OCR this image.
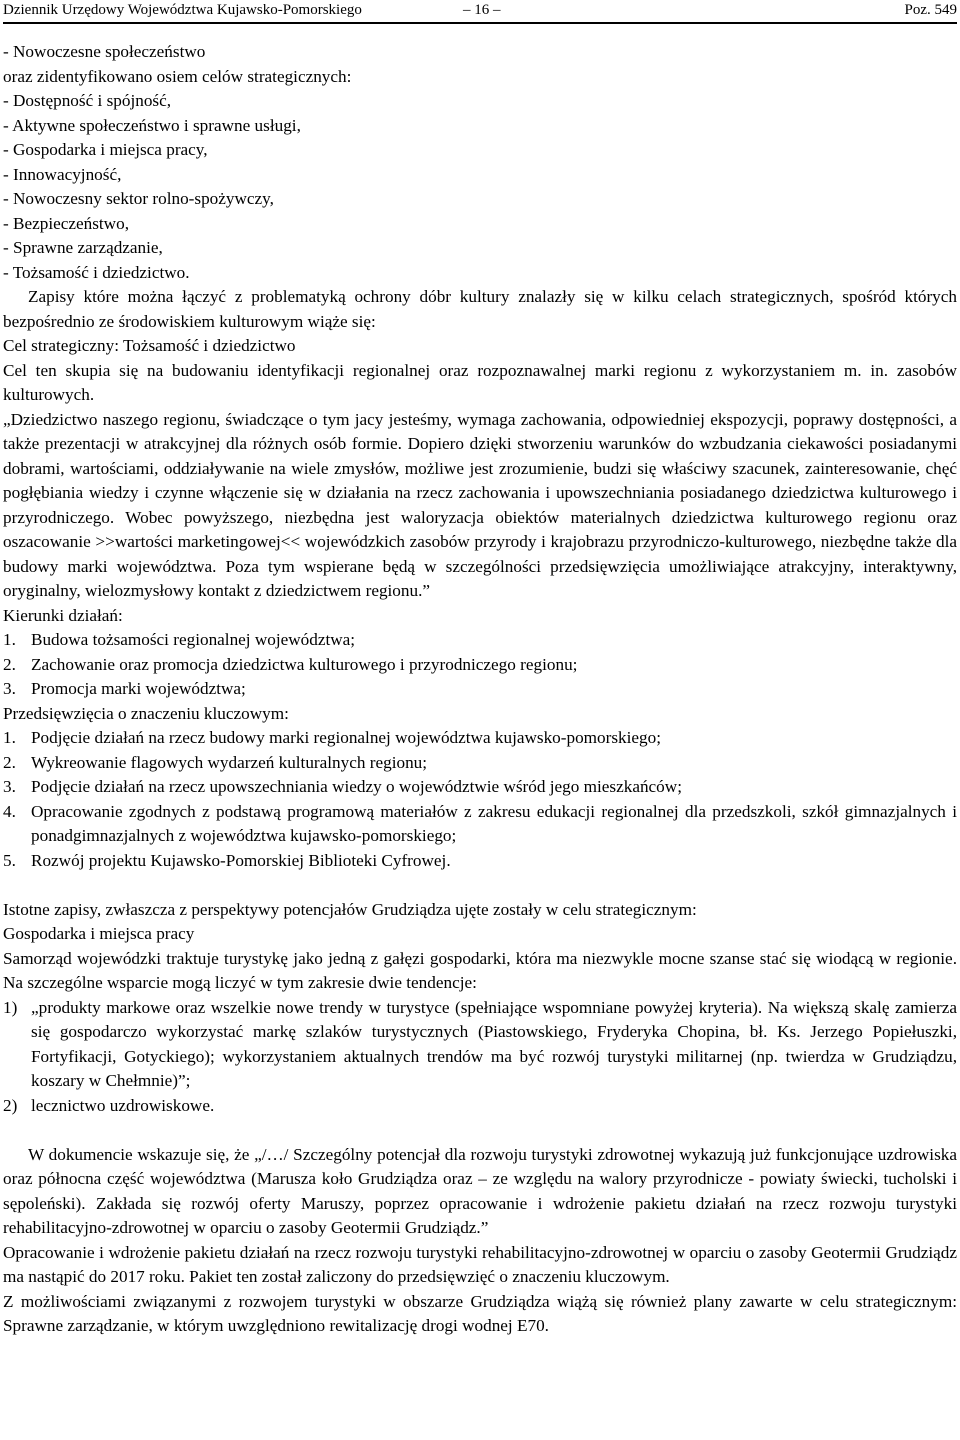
Dziennik Urzędowy Województwa Kujawsko-Pomorskiego	– 16 –	Poz. 549

- Nowoczesne społeczeństwo

oraz zidentyfikowano osiem celów strategicznych:

- Dostępność i spójność,

- Aktywne społeczeństwo i sprawne usługi,

- Gospodarka i miejsca pracy,

- Innowacyjność,

- Nowoczesny sektor rolno-spożywczy,

- Bezpieczeństwo,

- Sprawne zarządzanie,

- Tożsamość i dziedzictwo.

Zapisy które można łączyć z problematyką ochrony dóbr kultury znalazły się w kilku celach strategicznych, spośród których bezpośrednio ze środowiskiem kulturowym wiąże się:

Cel strategiczny: Tożsamość i dziedzictwo

Cel ten skupia się na budowaniu identyfikacji regionalnej oraz rozpoznawalnej marki regionu z wykorzystaniem m. in. zasobów kulturowych.

„Dziedzictwo naszego regionu, świadczące o tym jacy jesteśmy, wymaga zachowania, odpowiedniej ekspozycji, poprawy dostępności, a także prezentacji w atrakcyjnej dla różnych osób formie. Dopiero dzięki stworzeniu warunków do wzbudzania ciekawości posiadanymi dobrami, wartościami, oddziaływanie na wiele zmysłów, możliwe jest zrozumienie, budzi się właściwy szacunek, zainteresowanie, chęć pogłębiania wiedzy i czynne włączenie się w działania na rzecz zachowania i upowszechniania posiadanego dziedzictwa kulturowego i przyrodniczego. Wobec powyższego, niezbędna jest waloryzacja obiektów materialnych dziedzictwa kulturowego regionu oraz oszacowanie >>wartości marketingowej<< wojewódzkich zasobów przyrody i krajobrazu przyrodniczo-kulturowego, niezbędne także dla budowy marki województwa. Poza tym wspierane będą w szczególności przedsięwzięcia umożliwiające atrakcyjny, interaktywny, oryginalny, wielozmysłowy kontakt z dziedzictwem regionu.”

Kierunki działań:

1. Budowa tożsamości regionalnej województwa;
2. Zachowanie oraz promocja dziedzictwa kulturowego i przyrodniczego regionu;
3. Promocja marki województwa;

Przedsięwzięcia o znaczeniu kluczowym:

1. Podjęcie działań na rzecz budowy marki regionalnej województwa kujawsko-pomorskiego;
2. Wykreowanie flagowych wydarzeń kulturalnych regionu;
3. Podjęcie działań na rzecz upowszechniania wiedzy o województwie wśród jego mieszkańców;
4. Opracowanie zgodnych z podstawą programową materiałów z zakresu edukacji regionalnej dla przedszkoli, szkół gimnazjalnych i ponadgimnazjalnych z województwa kujawsko-pomorskiego;
5. Rozwój projektu Kujawsko-Pomorskiej Biblioteki Cyfrowej.

Istotne zapisy, zwłaszcza z perspektywy potencjałów Grudziądza ujęte zostały w celu strategicznym:

Gospodarka i miejsca pracy

Samorząd wojewódzki traktuje turystykę jako jedną z gałęzi gospodarki, która ma niezwykle mocne szanse stać się wiodącą w regionie. Na szczególne wsparcie mogą liczyć w tym zakresie dwie tendencje:

1) „produkty markowe oraz wszelkie nowe trendy w turystyce (spełniające wspomniane powyżej kryteria). Na większą skalę zamierza się gospodarczo wykorzystać markę szlaków turystycznych (Piastowskiego, Fryderyka Chopina, bł. Ks. Jerzego Popiełuszki, Fortyfikacji, Gotyckiego); wykorzystaniem aktualnych trendów ma być rozwój turystyki militarnej (np. twierdza w Grudziądzu, koszary w Chełmnie)”;
2) lecznictwo uzdrowiskowe.

W dokumencie wskazuje się, że „/…/ Szczególny potencjał dla rozwoju turystyki zdrowotnej wykazują już funkcjonujące uzdrowiska oraz północna część województwa (Marusza koło Grudziądza oraz – ze względu na walory przyrodnicze - powiaty świecki, tucholski i sępoleński). Zakłada się rozwój oferty Maruszy, poprzez opracowanie i wdrożenie pakietu działań na rzecz rozwoju turystyki rehabilitacyjno-zdrowotnej w oparciu o zasoby Geotermii Grudziądz.”

Opracowanie i wdrożenie pakietu działań na rzecz rozwoju turystyki rehabilitacyjno-zdrowotnej w oparciu o zasoby Geotermii Grudziądz ma nastąpić do 2017 roku. Pakiet ten został zaliczony do przedsięwzięć o znaczeniu kluczowym.

Z możliwościami związanymi z rozwojem turystyki w obszarze Grudziądza wiążą się również plany zawarte w celu strategicznym: Sprawne zarządzanie, w którym uwzględniono rewitalizację drogi wodnej E70.
